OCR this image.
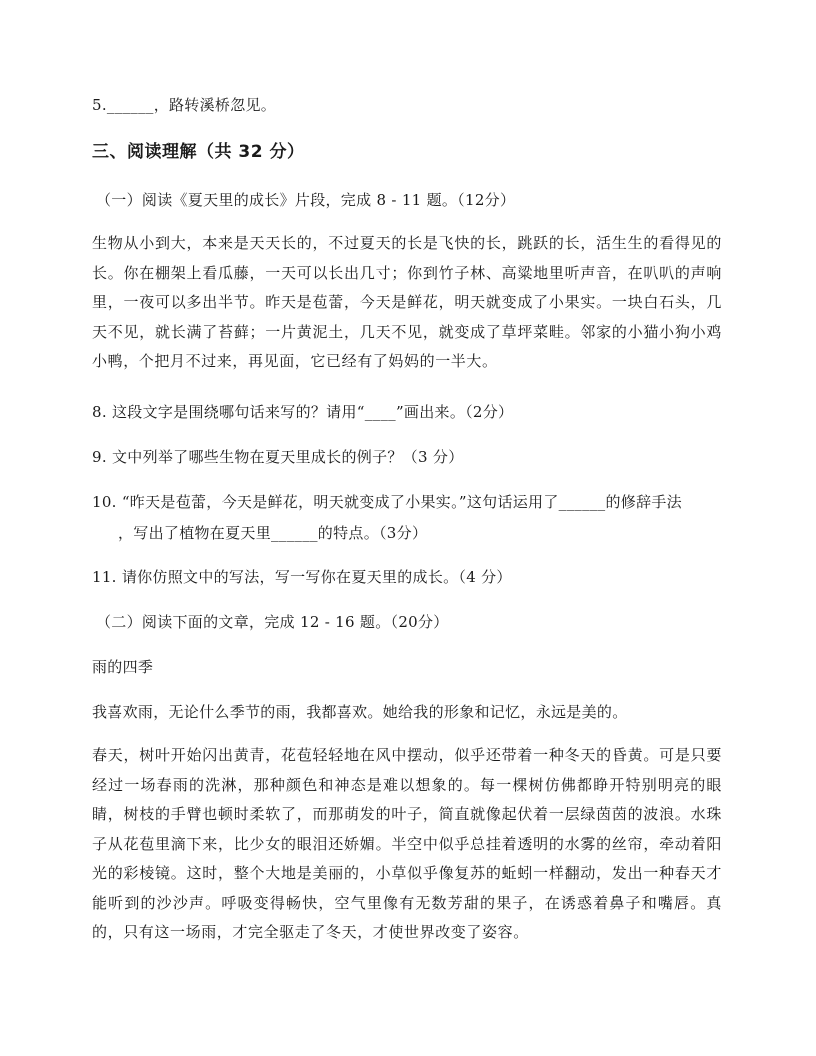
5.______，路转溪桥忽见。
三、阅读理解（共 32 分）
（一）阅读《夏天里的成长》片段，完成 8 - 11 题。（12分）
生物从小到大，本来是天天长的，不过夏天的长是飞快的长，跳跃的长，活生生的看得见的长。你在棚架上看瓜藤，一天可以长出几寸；你到竹子林、高粱地里听声音，在叭叭的声响里，一夜可以多出半节。昨天是苞蕾，今天是鲜花，明天就变成了小果实。一块白石头，几天不见，就长满了苔藓；一片黄泥土，几天不见，就变成了草坪菜畦。邻家的小猫小狗小鸡小鸭，个把月不过来，再见面，它已经有了妈妈的一半大。
8. 这段文字是围绕哪句话来写的？请用“____”画出来。（2分）
9. 文中列举了哪些生物在夏天里成长的例子？（3 分）
10. “昨天是苞蕾，今天是鲜花，明天就变成了小果实。”这句话运用了______的修辞手法
，写出了植物在夏天里______的特点。（3分）
11. 请你仿照文中的写法，写一写你在夏天里的成长。（4 分）
（二）阅读下面的文章，完成 12 - 16 题。（20分）
雨的四季
我喜欢雨，无论什么季节的雨，我都喜欢。她给我的形象和记忆，永远是美的。
春天，树叶开始闪出黄青，花苞轻轻地在风中摆动，似乎还带着一种冬天的昏黄。可是只要经过一场春雨的洗淋，那种颜色和神态是难以想象的。每一棵树仿佛都睁开特别明亮的眼睛，树枝的手臂也顿时柔软了，而那萌发的叶子，简直就像起伏着一层绿茵茵的波浪。水珠子从花苞里滴下来，比少女的眼泪还娇媚。半空中似乎总挂着透明的水雾的丝帘，牵动着阳光的彩棱镜。这时，整个大地是美丽的，小草似乎像复苏的蚯蚓一样翻动，发出一种春天才能听到的沙沙声。呼吸变得畅快，空气里像有无数芳甜的果子，在诱惑着鼻子和嘴唇。真的，只有这一场雨，才完全驱走了冬天，才使世界改变了姿容。
